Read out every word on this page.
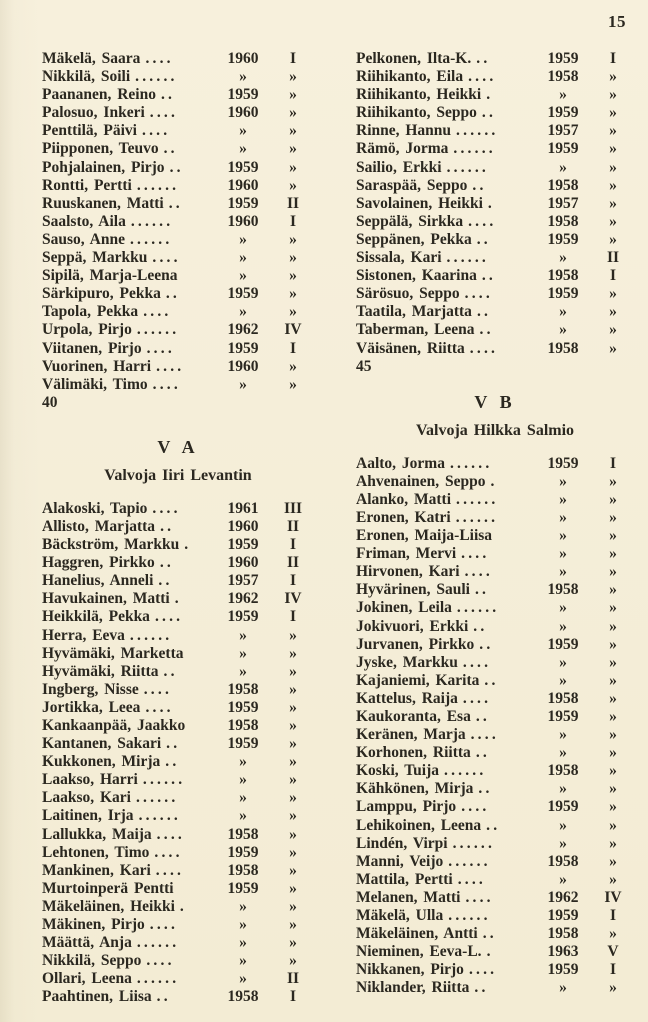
15
Mäkelä, Saara ....	1960	I
Nikkilä, Soili ......	»	»
Paananen, Reino ..	1959	»
Palosuo, Inkeri ....	1960	»
Penttilä, Päivi ....	»	»
Piipponen, Teuvo ..	»	»
Pohjalainen, Pirjo ..	1959	»
Rontti, Pertti ......	1960	»
Ruuskanen, Matti ..	1959	II
Saalsto, Aila ......	1960	I
Sauso, Anne ......	»	»
Seppä, Markku ....	»	»
Sipilä, Marja-Leena	»	»
Särkipuro, Pekka ..	1959	»
Tapola, Pekka ....	»	»
Urpola, Pirjo ......	1962	IV
Viitanen, Pirjo ....	1959	I
Vuorinen, Harri ....	1960	»
Välimäki, Timo ....	»	»
40
V A
Valvoja Iiri Levantin
Alakoski, Tapio ....	1961	III
Allisto, Marjatta ..	1960	II
Bäckström, Markku .	1959	I
Haggren, Pirkko ..	1960	II
Hanelius, Anneli ..	1957	I
Havukainen, Matti .	1962	IV
Heikkilä, Pekka ....	1959	I
Herra, Eeva ......	»	»
Hyvämäki, Marketta	»	»
Hyvämäki, Riitta ..	»	»
Ingberg, Nisse ....	1958	»
Jortikka, Leea ....	1959	»
Kankaanpää, Jaakko	1958	»
Kantanen, Sakari ..	1959	»
Kukkonen, Mirja ..	»	»
Laakso, Harri ......	»	»
Laakso, Kari ......	»	»
Laitinen, Irja ......	»	»
Lallukka, Maija ....	1958	»
Lehtonen, Timo ....	1959	»
Mankinen, Kari ....	1958	»
Murtoinperä Pentti	1959	»
Mäkeläinen, Heikki .	»	»
Mäkinen, Pirjo ....	»	»
Määttä, Anja ......	»	»
Nikkilä, Seppo ....	»	»
Ollari, Leena ......	»	II
Paahtinen, Liisa ..	1958	I
Pelkonen, Ilta-K. ..	1959	I
Riihikanto, Eila ....	1958	»
Riihikanto, Heikki .	»	»
Riihikanto, Seppo ..	1959	»
Rinne, Hannu ......	1957	»
Rämö, Jorma ......	1959	»
Sailio, Erkki ......	»	»
Saraspää, Seppo ..	1958	»
Savolainen, Heikki .	1957	»
Seppälä, Sirkka ....	1958	»
Seppänen, Pekka ..	1959	»
Sissala, Kari ......	»	II
Sistonen, Kaarina ..	1958	I
Särösuo, Seppo ....	1959	»
Taatila, Marjatta ..	»	»
Taberman, Leena ..	»	»
Väisänen, Riitta ....	1958	»
45
V B
Valvoja Hilkka Salmio
Aalto, Jorma ......	1959	I
Ahvenainen, Seppo .	»	»
Alanko, Matti ......	»	»
Eronen, Katri ......	»	»
Eronen, Maija-Liisa	»	»
Friman, Mervi ....	»	»
Hirvonen, Kari ....	»	»
Hyvärinen, Sauli ..	1958	»
Jokinen, Leila ......	»	»
Jokivuori, Erkki ..	»	»
Jurvanen, Pirkko ..	1959	»
Jyske, Markku ....	»	»
Kajaniemi, Karita ..	»	»
Kattelus, Raija ....	1958	»
Kaukoranta, Esa ..	1959	»
Keränen, Marja ....	»	»
Korhonen, Riitta ..	»	»
Koski, Tuija ......	1958	»
Kähkönen, Mirja ..	»	»
Lamppu, Pirjo ....	1959	»
Lehikoinen, Leena ..	»	»
Lindén, Virpi ......	»	»
Manni, Veijo ......	1958	»
Mattila, Pertti ....	»	»
Melanen, Matti ....	1962	IV
Mäkelä, Ulla ......	1959	I
Mäkeläinen, Antti ..	1958	»
Nieminen, Eeva-L. .	1963	V
Nikkanen, Pirjo ....	1959	I
Niklander, Riitta ..	»	»
